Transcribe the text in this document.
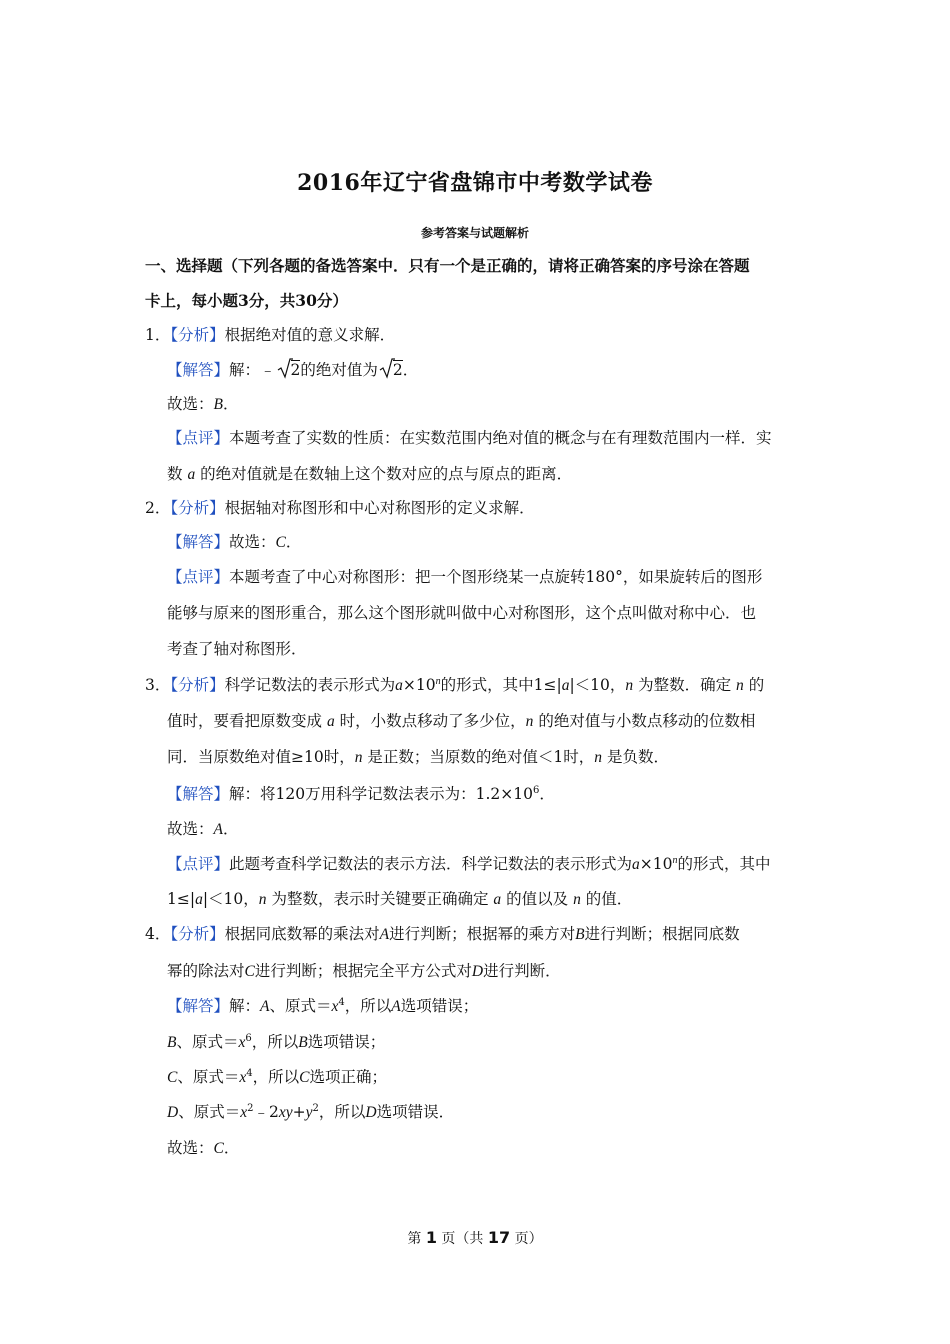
2016年辽宁省盘锦市中考数学试卷
参考答案与试题解析
一、选择题（下列各题的备选答案中．只有一个是正确的，请将正确答案的序号涂在答题
卡上，每小题3分，共30分）
1．【分析】根据绝对值的意义求解．
【解答】解：﹣ 2的绝对值为 2．
故选：B．
【点评】本题考查了实数的性质：在实数范围内绝对值的概念与在有理数范围内一样．实
数 a 的绝对值就是在数轴上这个数对应的点与原点的距离．
2．【分析】根据轴对称图形和中心对称图形的定义求解．
【解答】故选：C．
【点评】本题考查了中心对称图形：把一个图形绕某一点旋转180°，如果旋转后的图形
能够与原来的图形重合，那么这个图形就叫做中心对称图形，这个点叫做对称中心．也
考查了轴对称图形．
3．【分析】科学记数法的表示形式为$a\times 10^n$的形式，其中1≤|a|＜10，n 为整数．确定 n 的
值时，要看把原数变成 a 时，小数点移动了多少位，n 的绝对值与小数点移动的位数相
同．当原数绝对值≥10时，n 是正数；当原数的绝对值＜1时，n 是负数．
【解答】解：将120万用科学记数法表示为：$1.2\times 10^6$．
故选：A．
【点评】此题考查科学记数法的表示方法．科学记数法的表示形式为$a\times 10^n$的形式，其中
1≤|a|＜10，n 为整数，表示时关键要正确确定 a 的值以及 n 的值．
4．【分析】根据同底数幂的乘法对A进行判断；根据幂的乘方对B进行判断；根据同底数
幂的除法对C进行判断；根据完全平方公式对D进行判断．
【解答】解：A、原式$=x^4$，所以A选项错误；
B、原式$=x^6$，所以B选项错误；
C、原式$=x^4$，所以C选项正确；
D、原式$=x^2﹣2xy+y^2$，所以D选项错误．
故选：C．
第 1 页（共 17 页）
